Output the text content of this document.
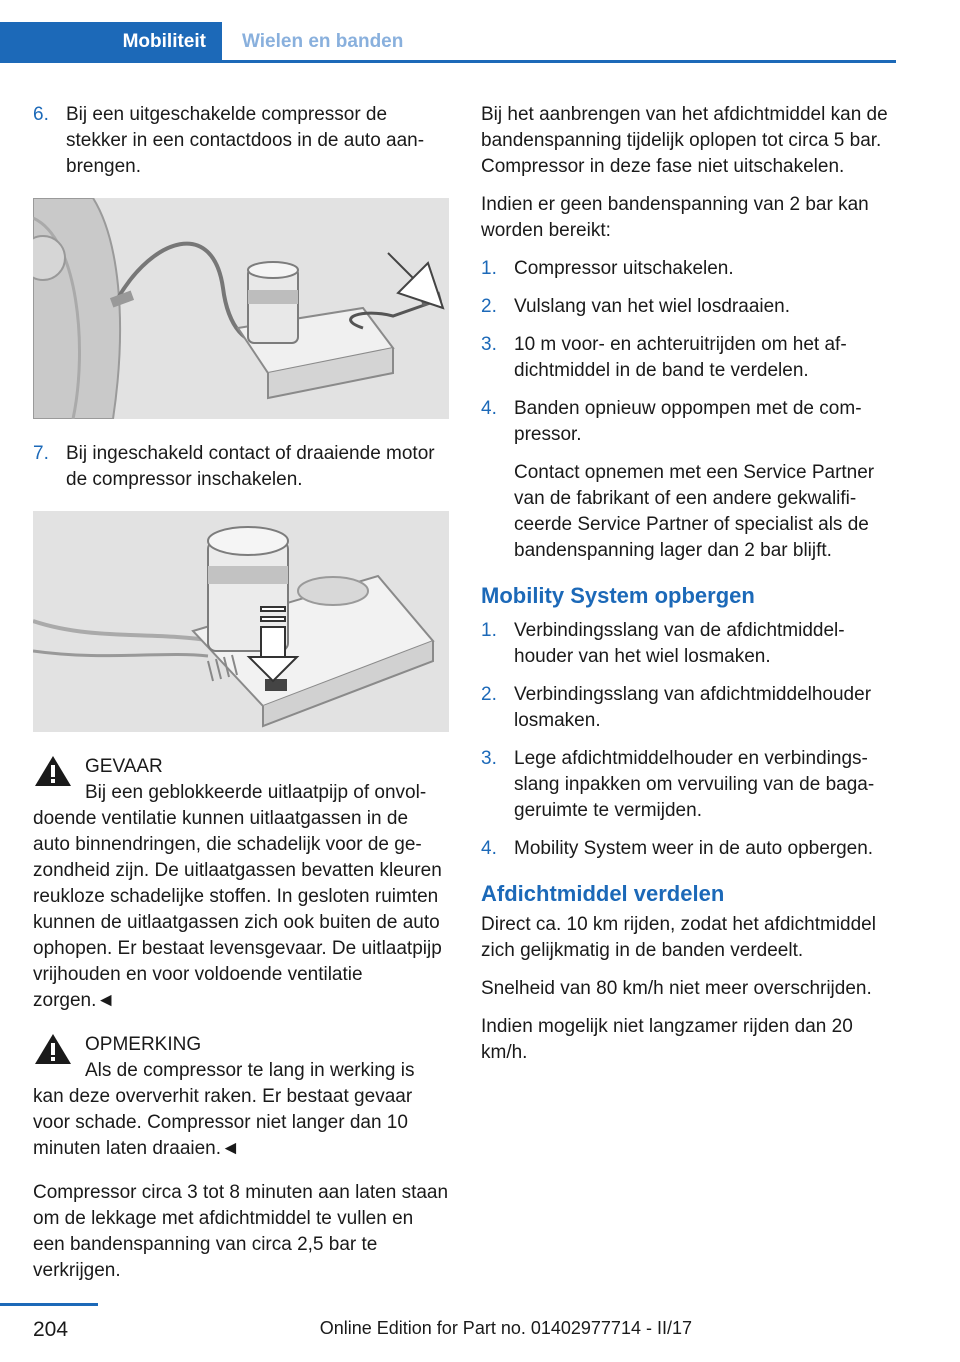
Mobiliteit	Wielen en banden
6. Bij een uitgeschakelde compressor de stekker in een contactdoos in de auto aanbrengen.
7. Bij ingeschakeld contact of draaiende motor de compressor inschakelen.

GEVAAR

Bij een geblokkeerde uitlaatpijp of onvoldoende ventilatie kunnen uitlaatgassen in de auto binnendringen, die schadelijk voor de gezondheid zijn. De uitlaatgassen bevatten kleuren reukloze schadelijke stoffen. In gesloten ruimten kunnen de uitlaatgassen zich ook buiten de auto ophopen. Er bestaat levensgevaar. De uitlaatpijp vrijhouden en voor voldoende ventilatie zorgen.◄

OPMERKING

Als de compressor te lang in werking is kan deze oververhit raken. Er bestaat gevaar voor schade. Compressor niet langer dan 10 minuten laten draaien.◄

Compressor circa 3 tot 8 minuten aan laten staan om de lekkage met afdichtmiddel te vullen en een bandenspanning van circa 2,5 bar te verkrijgen.

Bij het aanbrengen van het afdichtmiddel kan de bandenspanning tijdelijk oplopen tot circa 5 bar. Compressor in deze fase niet uitschakelen.

Indien er geen bandenspanning van 2 bar kan worden bereikt:

1. Compressor uitschakelen.
2. Vulslang van het wiel losdraaien.
3. 10 m voor- en achteruitrijden om het afdichtmiddel in de band te verdelen.
4. Banden opnieuw oppompen met de compressor.

Contact opnemen met een Service Partner van de fabrikant of een andere gekwalificeerde Service Partner of specialist als de bandenspanning lager dan 2 bar blijft.

Mobility System opbergen
1. Verbindingsslang van de afdichtmiddelhouder van het wiel losmaken.
2. Verbindingsslang van afdichtmiddelhouder losmaken.
3. Lege afdichtmiddelhouder en verbindingsslang inpakken om vervuiling van de bagageruimte te vermijden.
4. Mobility System weer in de auto opbergen.
Afdichtmiddel verdelen

Direct ca. 10 km rijden, zodat het afdichtmiddel zich gelijkmatig in de banden verdeelt.

Snelheid van 80 km/h niet meer overschrijden.

Indien mogelijk niet langzamer rijden dan 20 km/h.

204	Online Edition for Part no. 01402977714 - II/17
